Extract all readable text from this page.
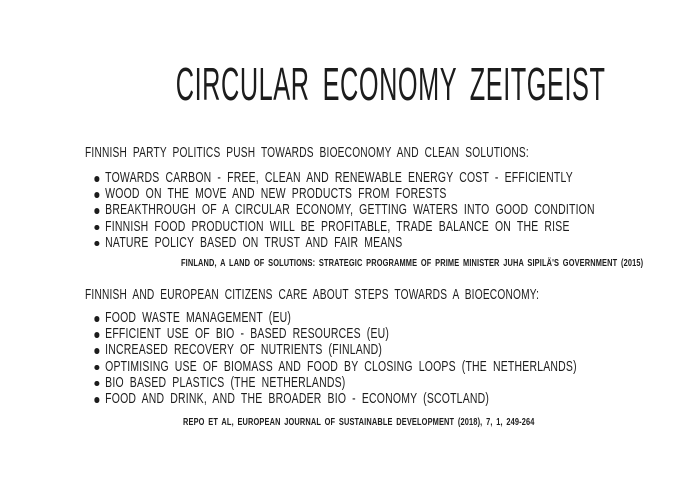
CIRCULAR ECONOMY ZEITGEIST
FINNISH PARTY POLITICS PUSH TOWARDS BIOECONOMY AND CLEAN SOLUTIONS:
TOWARDS CARBON - FREE, CLEAN AND RENEWABLE ENERGY COST - EFFICIENTLY
WOOD ON THE MOVE AND NEW PRODUCTS FROM FORESTS
BREAKTHROUGH OF A CIRCULAR ECONOMY, GETTING WATERS INTO GOOD CONDITION
FINNISH FOOD PRODUCTION WILL BE PROFITABLE, TRADE BALANCE ON THE RISE
NATURE POLICY BASED ON TRUST AND FAIR MEANS
FINLAND, A LAND OF SOLUTIONS: STRATEGIC PROGRAMME OF PRIME MINISTER JUHA SIPILÄ'S GOVERNMENT (2015)
FINNISH AND EUROPEAN CITIZENS CARE ABOUT STEPS TOWARDS A BIOECONOMY:
FOOD WASTE MANAGEMENT (EU)
EFFICIENT USE OF BIO - BASED RESOURCES (EU)
INCREASED RECOVERY OF NUTRIENTS (FINLAND)
OPTIMISING USE OF BIOMASS AND FOOD BY CLOSING LOOPS (THE NETHERLANDS)
BIO BASED PLASTICS (THE NETHERLANDS)
FOOD AND DRINK, AND THE BROADER BIO - ECONOMY (SCOTLAND)
REPO ET AL, EUROPEAN JOURNAL OF SUSTAINABLE DEVELOPMENT (2018), 7, 1, 249-264
